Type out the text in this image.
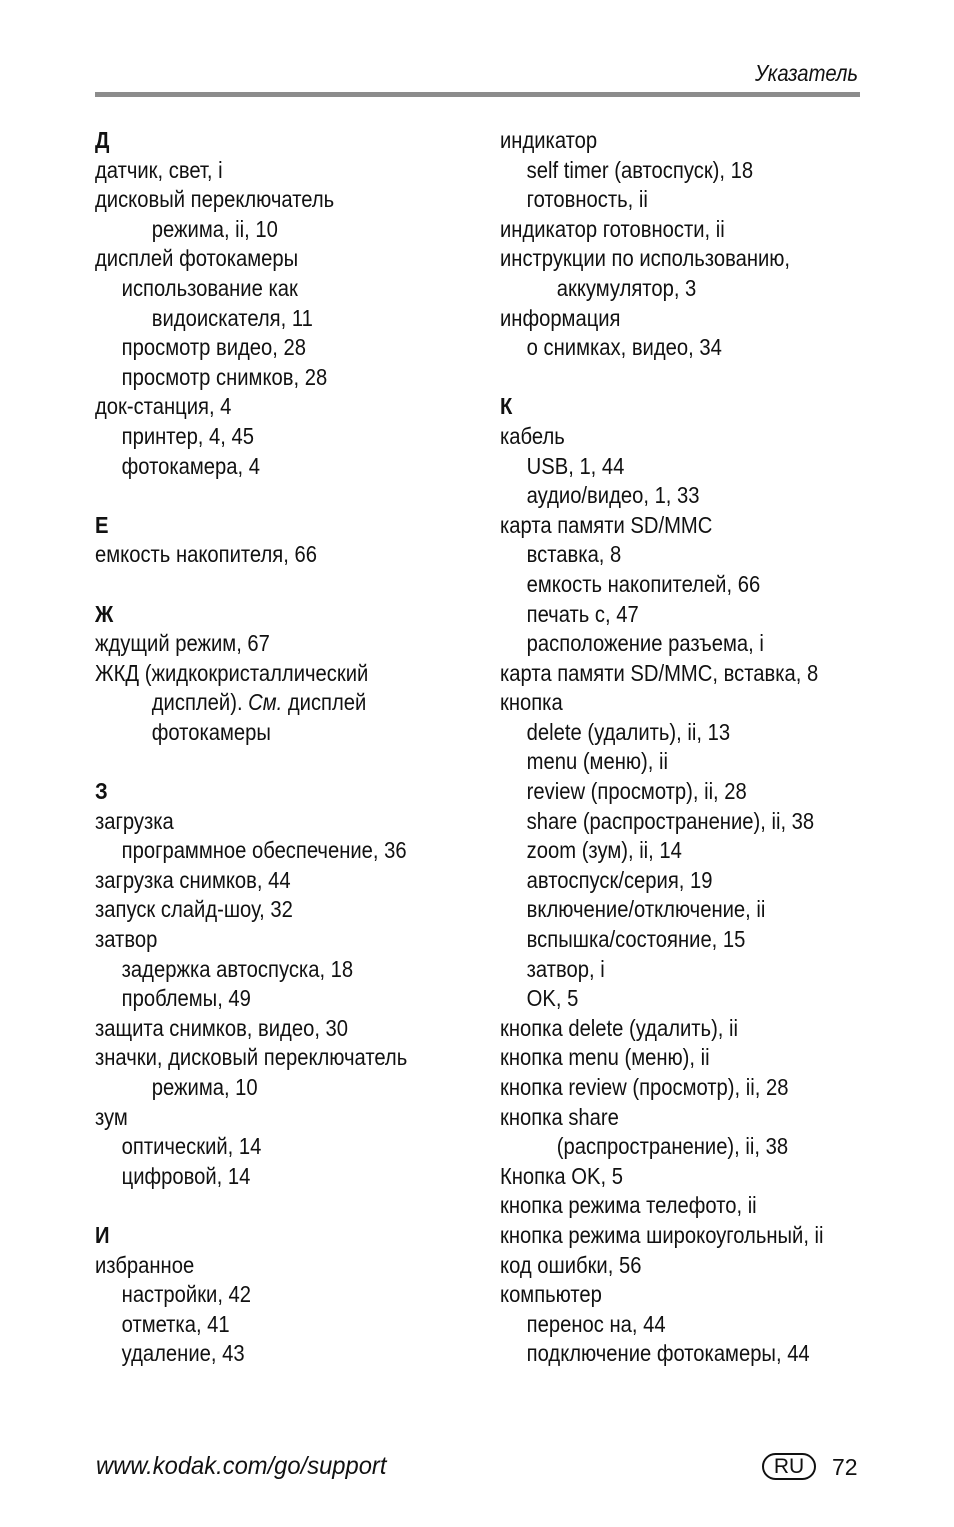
Указатель
Д
датчик, свет, i
дисковый переключатель
режима, ii, 10
дисплей фотокамеры
использование как
видоискателя, 11
просмотр видео, 28
просмотр снимков, 28
док-станция, 4
принтер, 4, 45
фотокамера, 4
Е
емкость накопителя, 66
Ж
ждущий режим, 67
ЖКД (жидкокристаллический
дисплей). См. дисплей
фотокамеры
З
загрузка
программное обеспечение, 36
загрузка снимков, 44
запуск слайд-шоу, 32
затвор
задержка автоспуска, 18
проблемы, 49
защита снимков, видео, 30
значки, дисковый переключатель
режима, 10
зум
оптический, 14
цифровой, 14
И
избранное
настройки, 42
отметка, 41
удаление, 43
индикатор
self timer (автоспуск), 18
готовность, ii
индикатор готовности, ii
инструкции по использованию,
аккумулятор, 3
информация
о снимках, видео, 34
К
кабель
USB, 1, 44
аудио/видео, 1, 33
карта памяти SD/MMC
вставка, 8
емкость накопителей, 66
печать с, 47
расположение разъема, i
карта памяти SD/MMC, вставка, 8
кнопка
delete (удалить), ii, 13
menu (меню), ii
review (просмотр), ii, 28
share (распространение), ii, 38
zoom (зум), ii, 14
автоспуск/серия, 19
включение/отключение, ii
вспышка/состояние, 15
затвор, i
OK, 5
кнопка delete (удалить), ii
кнопка menu (меню), ii
кнопка review (просмотр), ii, 28
кнопка share
(распространение), ii, 38
Кнопка OK, 5
кнопка режима телефото, ii
кнопка режима широкоугольный, ii
код ошибки, 56
компьютер
перенос на, 44
подключение фотокамеры, 44
www.kodak.com/go/support	RU	72
